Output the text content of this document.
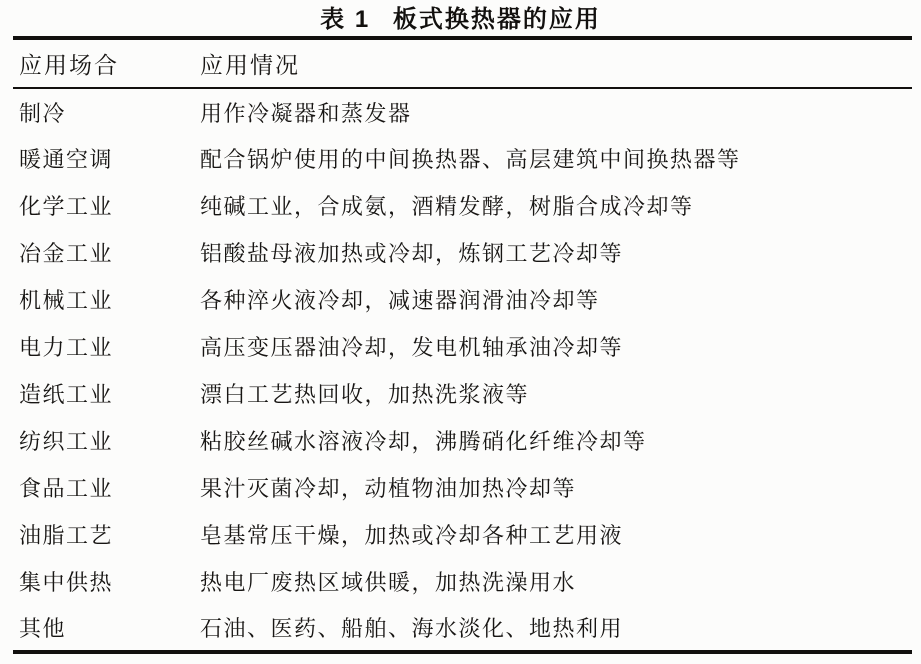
表 1 板式换热器的应用
应用场合	应用情况
制冷	用作冷凝器和蒸发器
暖通空调	配合锅炉使用的中间换热器、高层建筑中间换热器等
化学工业	纯碱工业，合成氨，酒精发酵，树脂合成冷却等
冶金工业	铝酸盐母液加热或冷却，炼钢工艺冷却等
机械工业	各种淬火液冷却，减速器润滑油冷却等
电力工业	高压变压器油冷却，发电机轴承油冷却等
造纸工业	漂白工艺热回收，加热洗浆液等
纺织工业	粘胶丝碱水溶液冷却，沸腾硝化纤维冷却等
食品工业	果汁灭菌冷却，动植物油加热冷却等
油脂工艺	皂基常压干燥，加热或冷却各种工艺用液
集中供热	热电厂废热区域供暖，加热洗澡用水
其他	石油、医药、船舶、海水淡化、地热利用
